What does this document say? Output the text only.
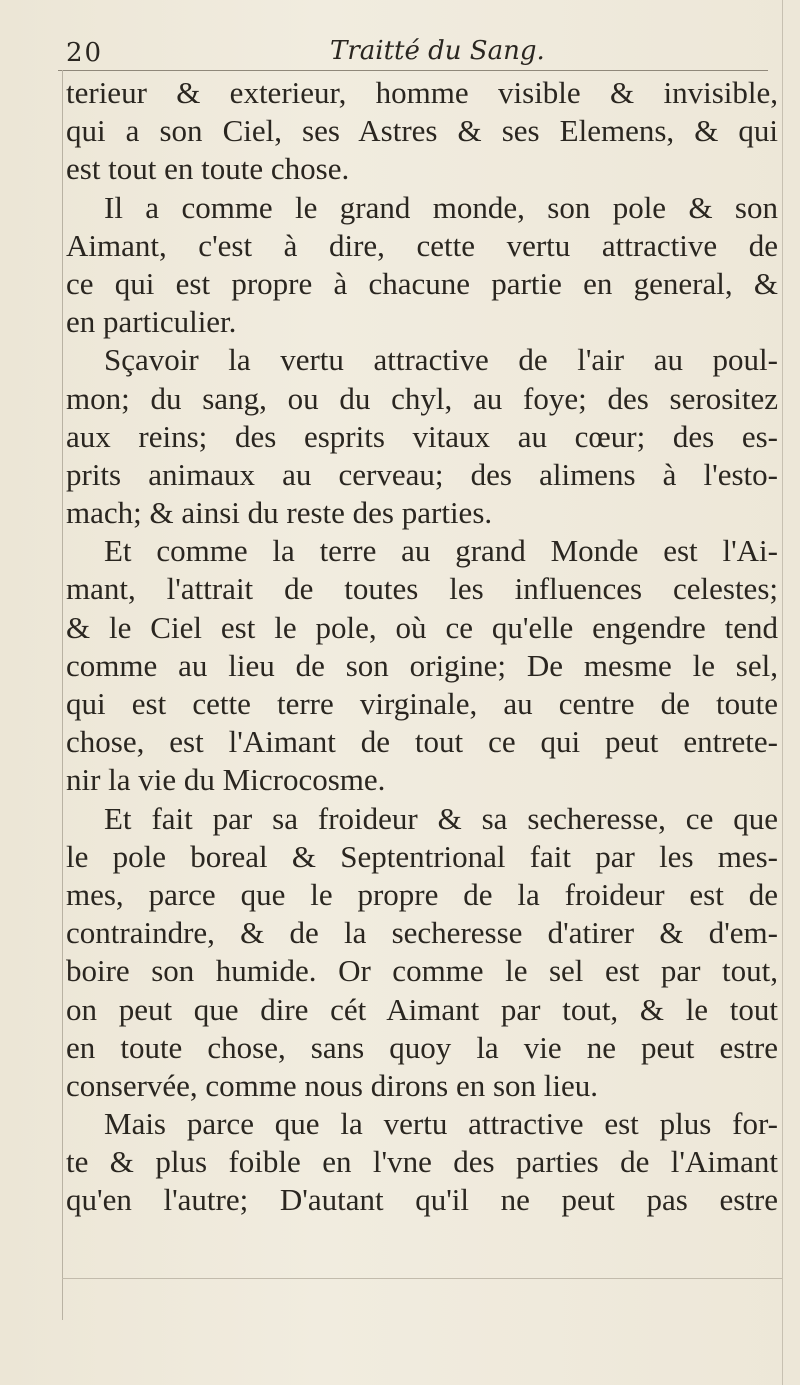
20	Traitté du Sang.
terieur & exterieur, homme visible & invisible,
qui a son Ciel, ses Astres & ses Elemens, & qui
est tout en toute chose.
Il a comme le grand monde, son pole & son
Aimant, c'est à dire, cette vertu attractive de
ce qui est propre à chacune partie en general, &
en particulier.
Sçavoir la vertu attractive de l'air au poul-
mon; du sang, ou du chyl, au foye; des serositez
aux reins; des esprits vitaux au cœur; des es-
prits animaux au cerveau; des alimens à l'esto-
mach; & ainsi du reste des parties.
Et comme la terre au grand Monde est l'Ai-
mant, l'attrait de toutes les influences celestes;
& le Ciel est le pole, où ce qu'elle engendre tend
comme au lieu de son origine; De mesme le sel,
qui est cette terre virginale, au centre de toute
chose, est l'Aimant de tout ce qui peut entrete-
nir la vie du Microcosme.
Et fait par sa froideur & sa secheresse, ce que
le pole boreal & Septentrional fait par les mes-
mes, parce que le propre de la froideur est de
contraindre, & de la secheresse d'atirer & d'em-
boire son humide. Or comme le sel est par tout,
on peut que dire cét Aimant par tout, & le tout
en toute chose, sans quoy la vie ne peut estre
conservée, comme nous dirons en son lieu.
Mais parce que la vertu attractive est plus for-
te & plus foible en l'vne des parties de l'Aimant
qu'en l'autre; D'autant qu'il ne peut pas estre
